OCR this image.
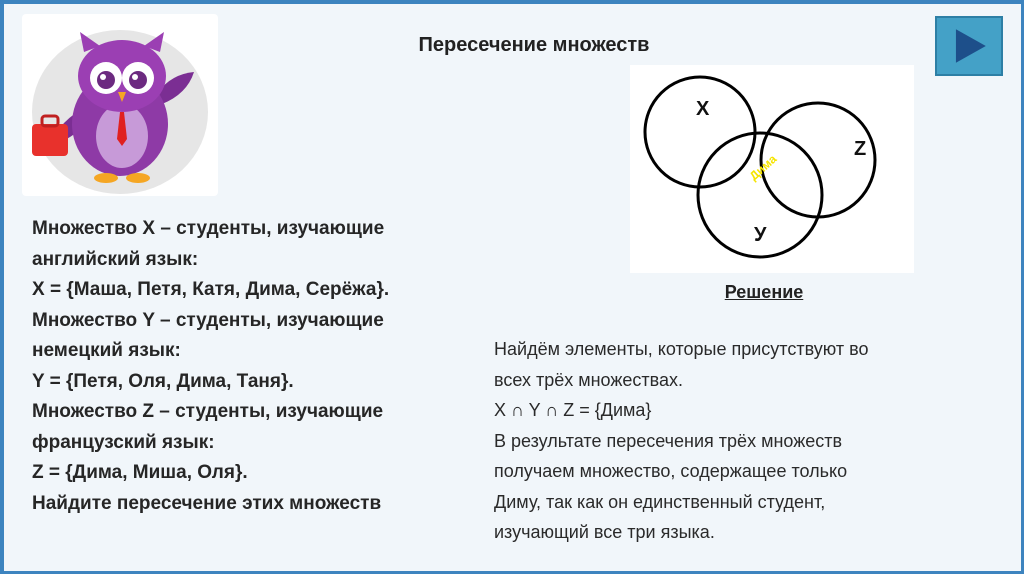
Пересечение множеств
X
Z
У
Дима
Решение

Множество X – студенты, изучающие

английский язык:

X = {Маша, Петя, Катя, Дима, Серёжа}.

Множество Y – студенты, изучающие

немецкий язык:

Y = {Петя, Оля, Дима, Таня}.

Множество Z – студенты, изучающие

французский язык:

Z = {Дима, Миша, Оля}.

Найдите пересечение этих множеств

Найдём элементы, которые присутствуют во

всех трёх множествах.

X ∩ Y ∩ Z = {Дима}

В результате пересечения трёх множеств

получаем множество, содержащее только

Диму, так как он единственный студент,

изучающий все три языка.
